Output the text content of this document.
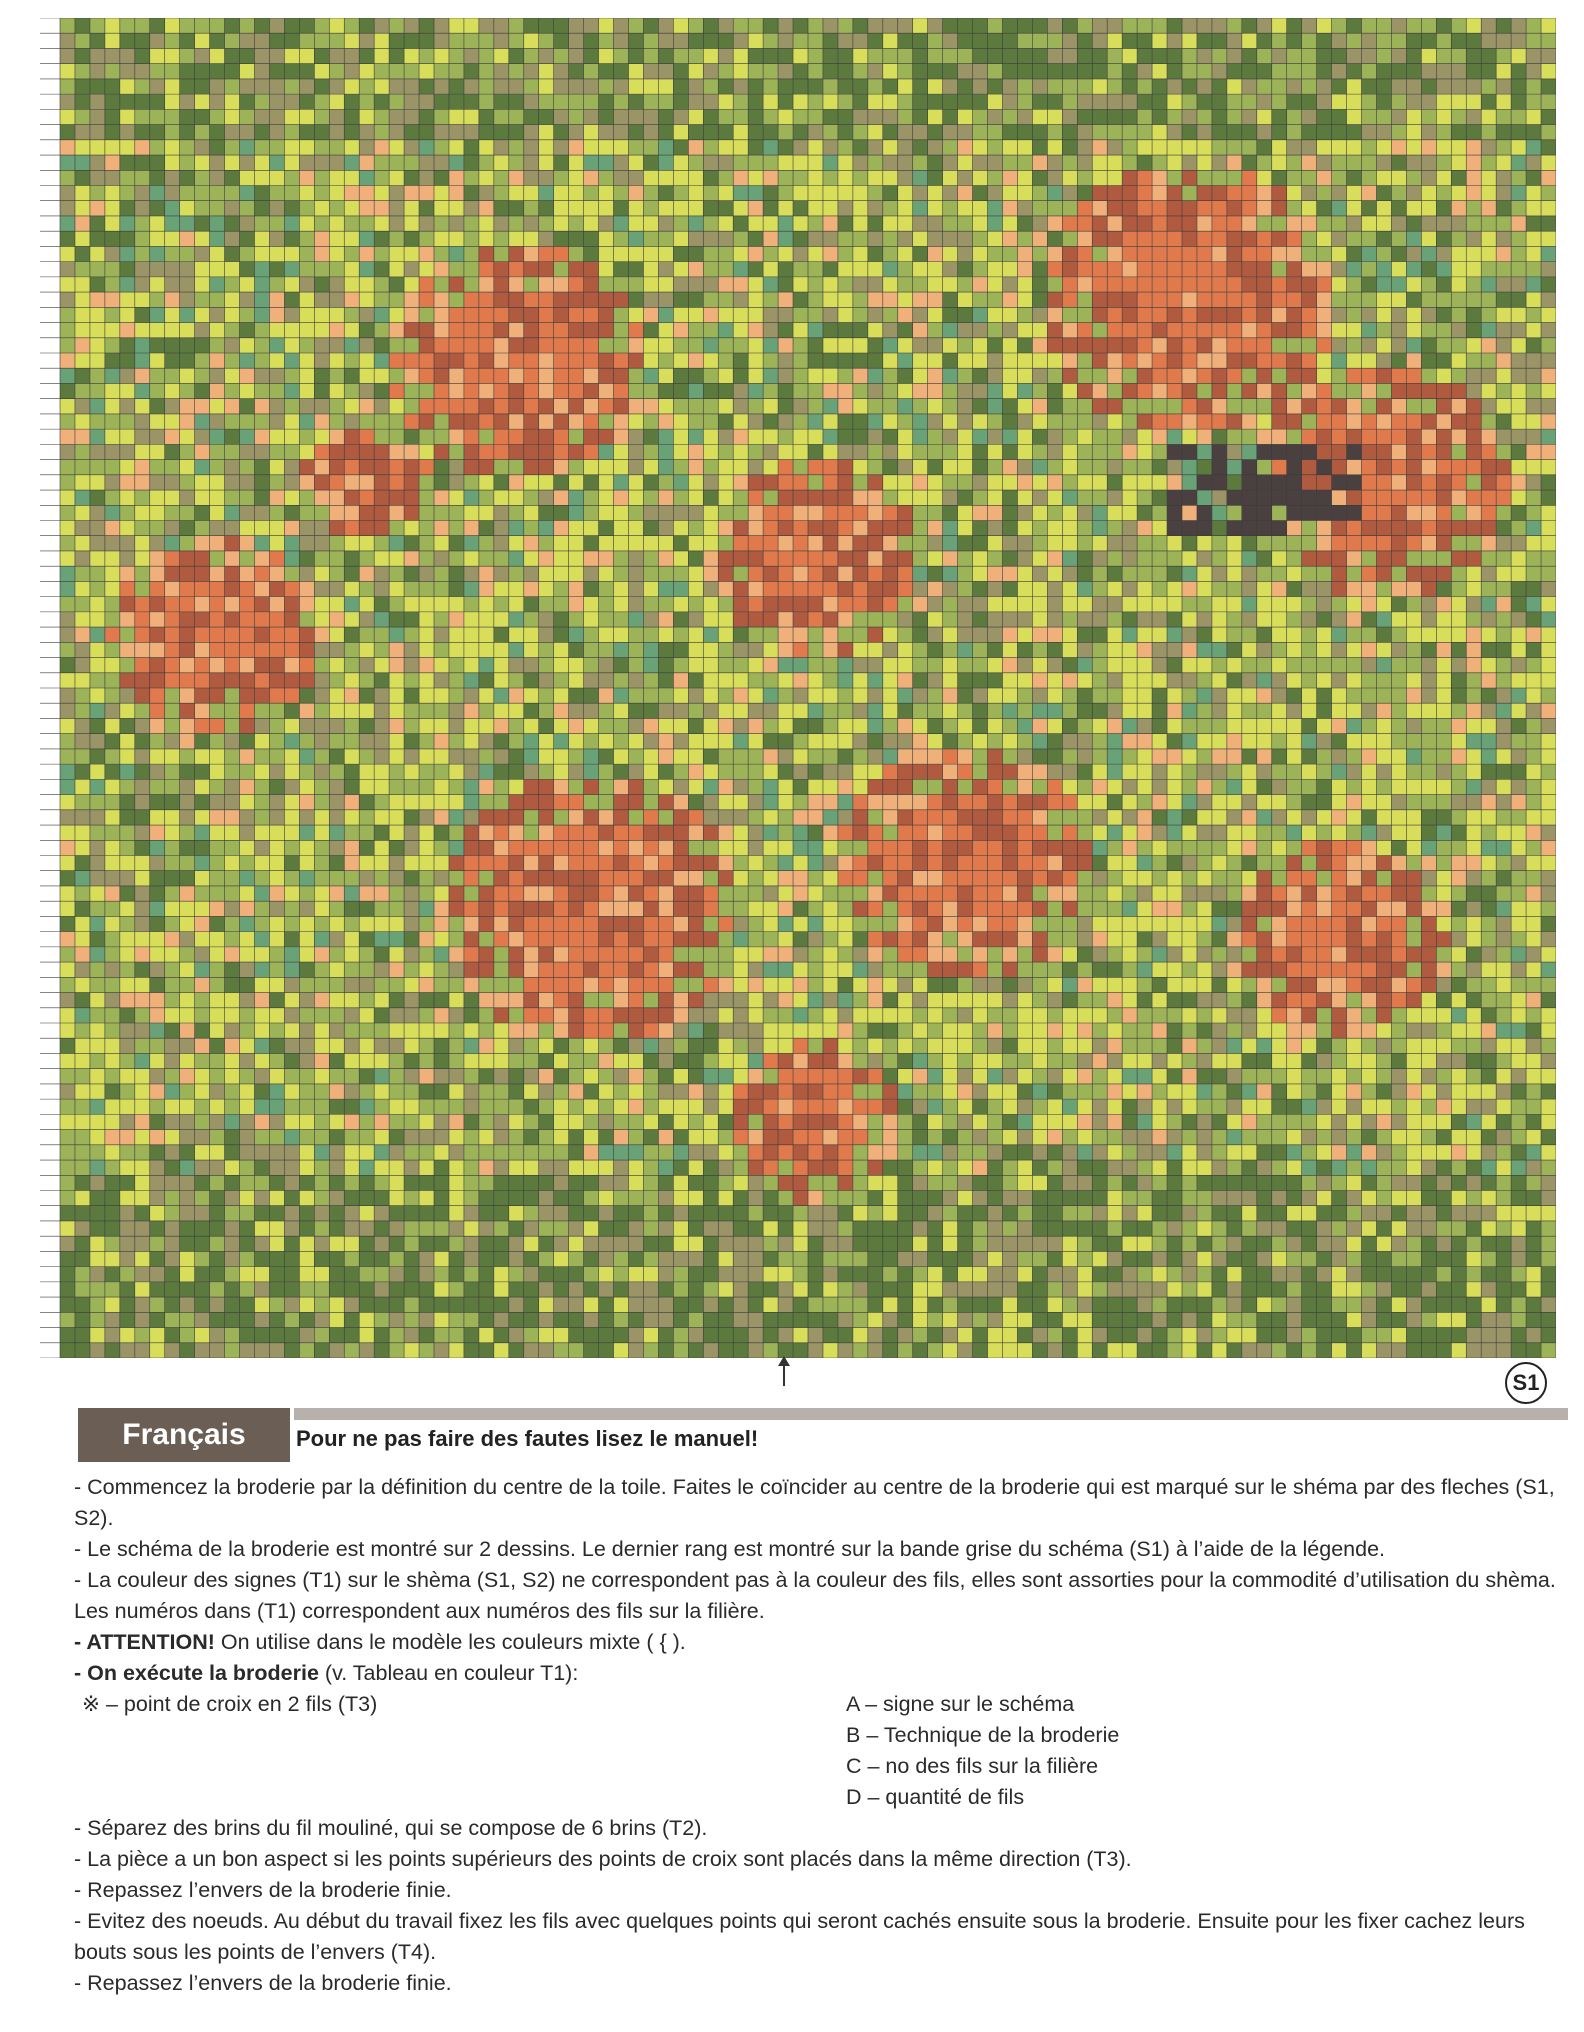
S1
Français	Pour ne pas faire des fautes lisez le manuel!

- Commencez la broderie par la définition du centre de la toile. Faites le coïncider au centre de la broderie qui est marqué sur le shéma par des fleches (S1, S2).

- Le schéma de la broderie est montré sur 2 dessins. Le dernier rang est montré sur la bande grise du schéma (S1) à l’aide de la légende.

- La couleur des signes (T1) sur le shèma (S1, S2) ne correspondent pas à la couleur des fils, elles sont assorties pour la commodité d’utilisation du shèma. Les numéros dans (T1) correspondent aux numéros des fils sur la filière.

- ATTENTION! On utilise dans le modèle les couleurs mixte ( { ).

- On exécute la broderie (v. Tableau en couleur T1):

※ – point de croix en 2 fils (T3)	A – signe sur le schéma

B – Technique de la broderie

C – no des fils sur la filière

D – quantité de fils

- Séparez des brins du fil mouliné, qui se compose de 6 brins (T2).

- La pièce a un bon aspect si les points supérieurs des points de croix sont placés dans la même direction (T3).

- Repassez l’envers de la broderie finie.

- Evitez des noeuds. Au début du travail fixez les fils avec quelques points qui seront cachés ensuite sous la broderie. Ensuite pour les fixer cachez leurs bouts sous les points de l’envers (T4).

- Repassez l’envers de la broderie finie.
